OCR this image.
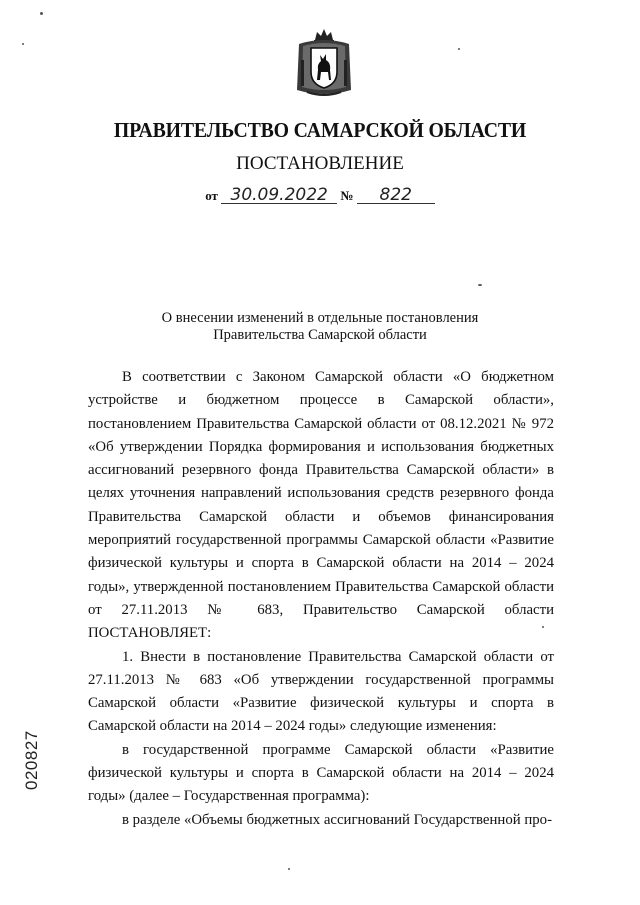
ПРАВИТЕЛЬСТВО САМАРСКОЙ ОБЛАСТИ
ПОСТАНОВЛЕНИЕ
от 30.09.2022 № 822
О внесении изменений в отдельные постановления
Правительства Самарской области

В соответствии с Законом Самарской области «О бюджетном устройстве и бюджетном процессе в Самарской области», постановлением Правительства Самарской области от 08.12.2021 № 972 «Об утверждении Порядка формирования и использования бюджетных ассигнований резервного фонда Правительства Самарской области» в целях уточнения направлений использования средств резервного фонда Правительства Самарской области и объемов финансирования мероприятий государственной программы Самарской области «Развитие физической культуры и спорта в Самарской области на 2014 – 2024 годы», утвержденной постановлением Правительства Самарской области от 27.11.2013 № 683, Правительство Самарской области ПОСТАНОВЛЯЕТ:

1. Внести в постановление Правительства Самарской области от 27.11.2013 № 683 «Об утверждении государственной программы Самарской области «Развитие физической культуры и спорта в Самарской области на 2014 – 2024 годы» следующие изменения:

в государственной программе Самарской области «Развитие физической культуры и спорта в Самарской области на 2014 – 2024 годы» (далее – Государственная программа):

в разделе «Объемы бюджетных ассигнований Государственной про-

020827
